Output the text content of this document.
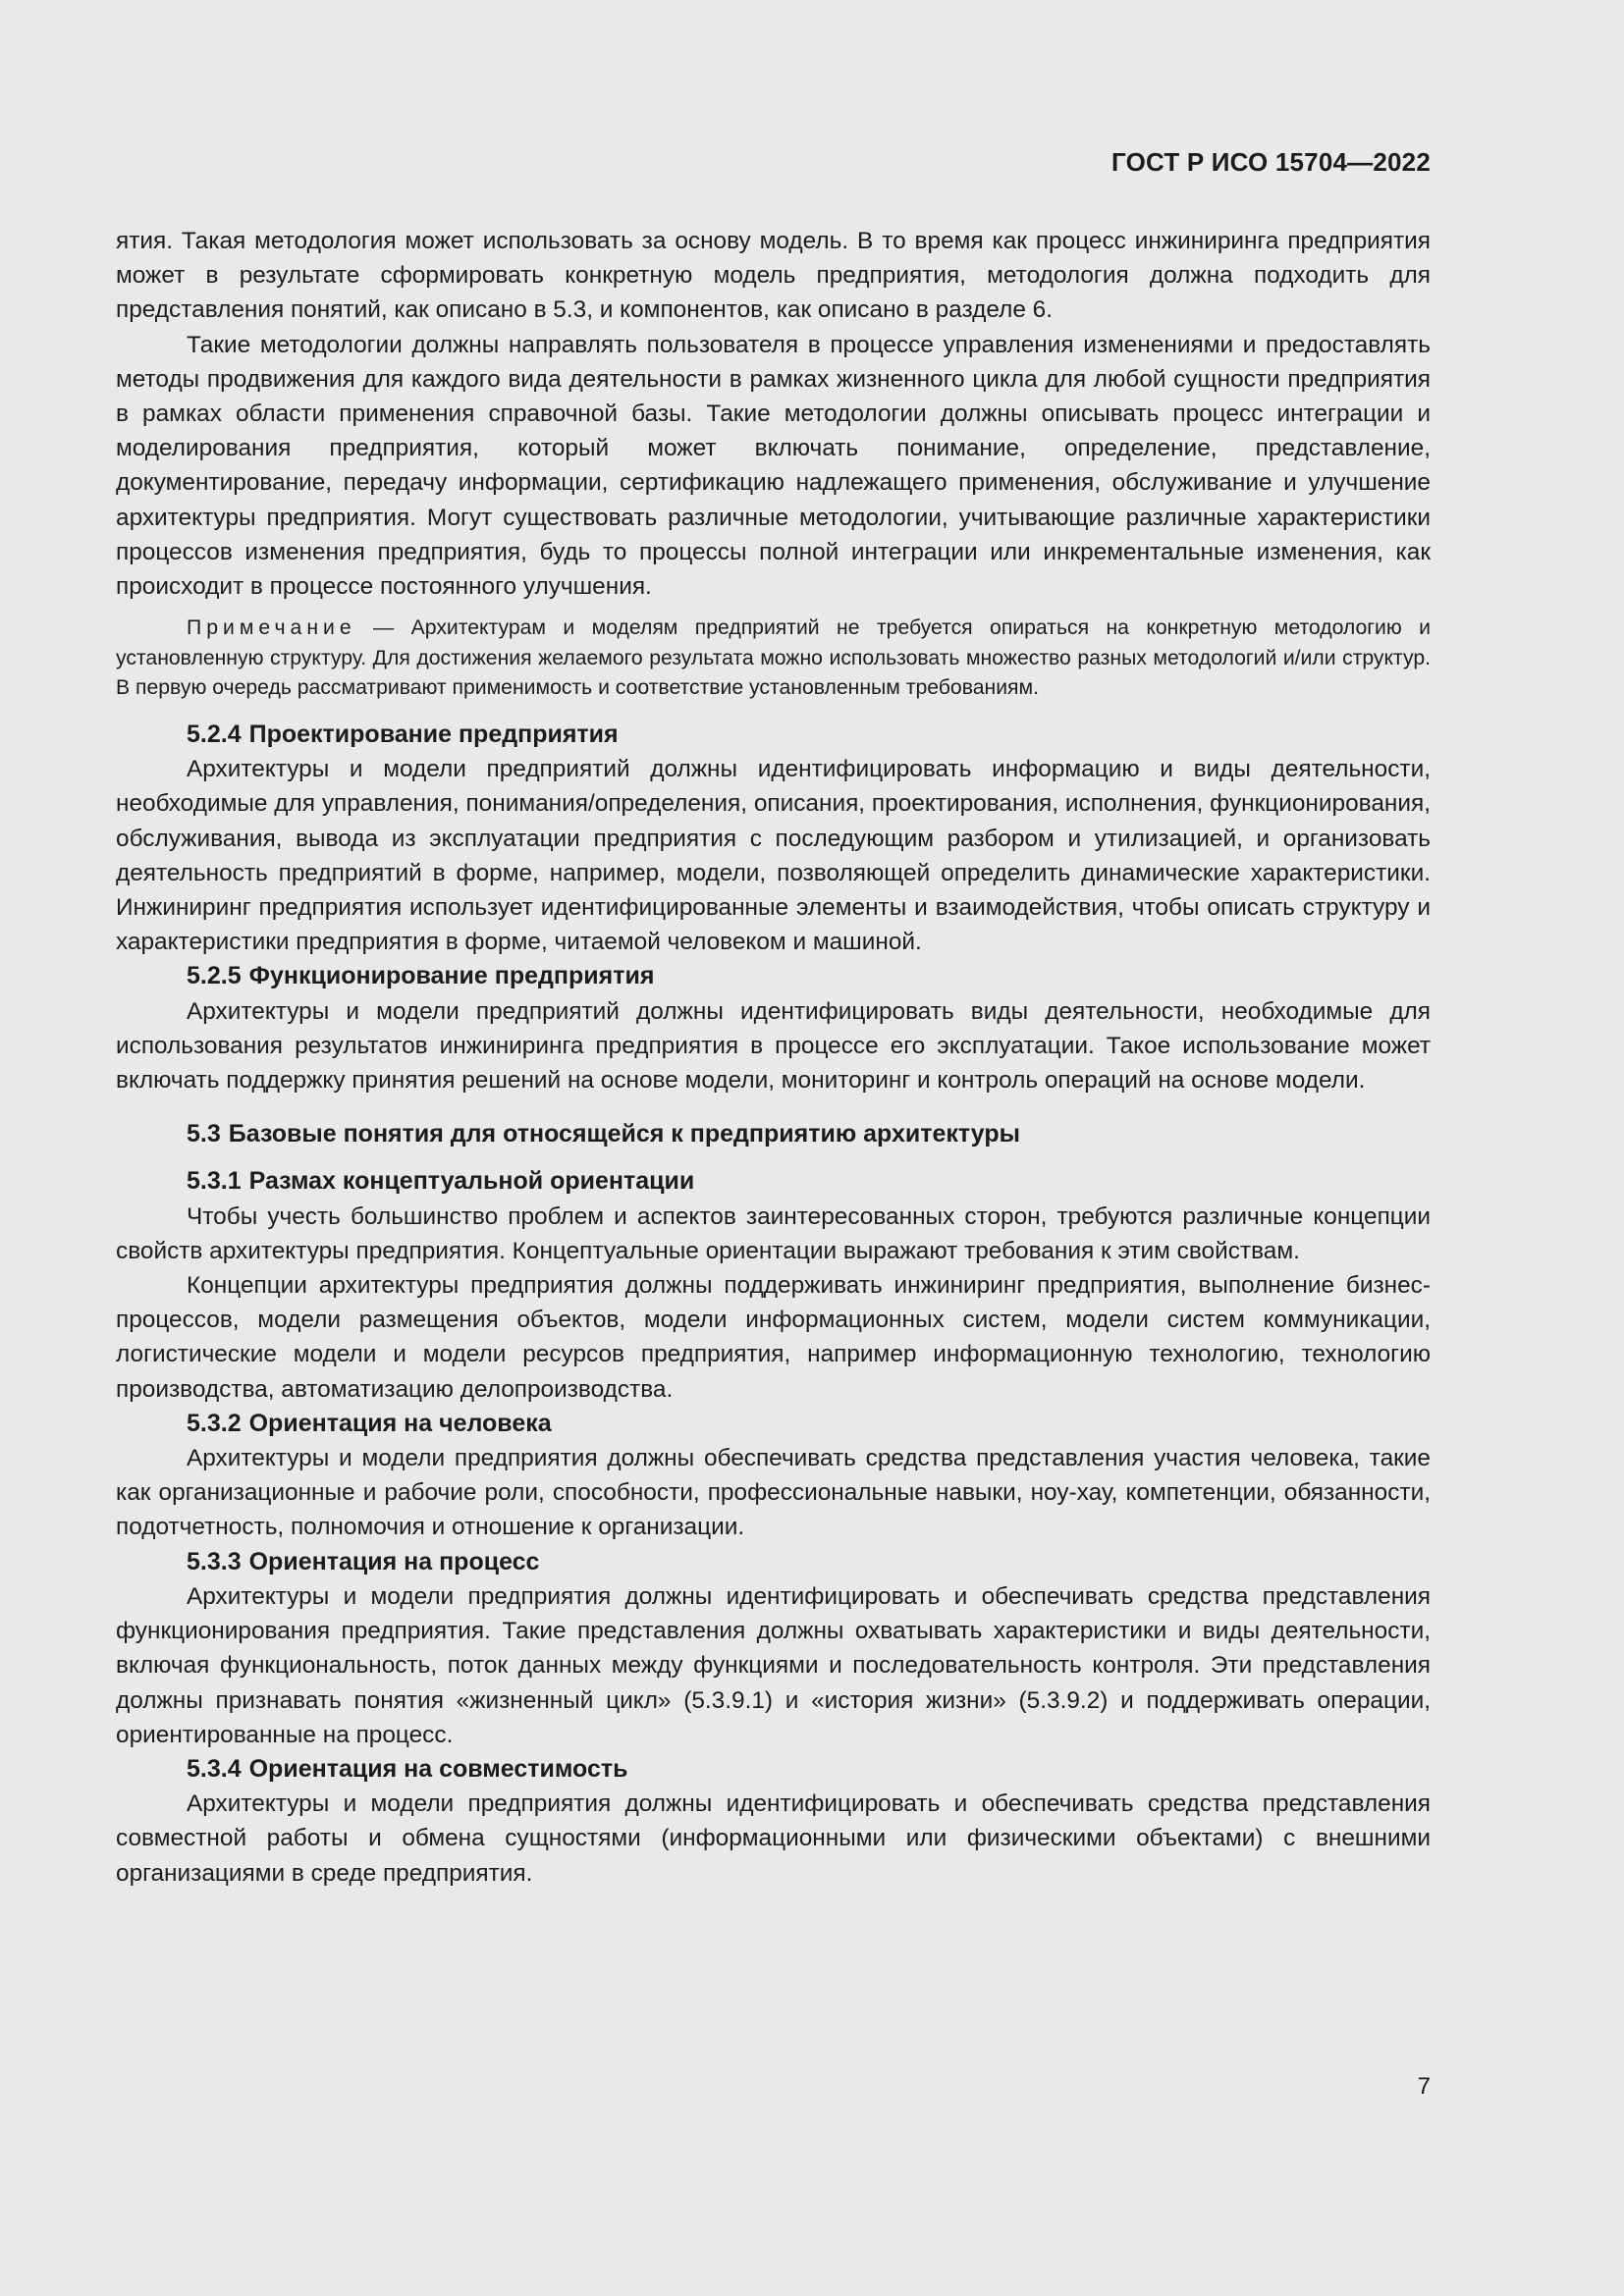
ГОСТ Р ИСО 15704—2022

ятия. Такая методология может использовать за основу модель. В то время как процесс инжиниринга предприятия может в результате сформировать конкретную модель предприятия, методология должна подходить для представления понятий, как описано в 5.3, и компонентов, как описано в разделе 6.

Такие методологии должны направлять пользователя в процессе управления изменениями и предоставлять методы продвижения для каждого вида деятельности в рамках жизненного цикла для любой сущности предприятия в рамках области применения справочной базы. Такие методологии должны описывать процесс интеграции и моделирования предприятия, который может включать понимание, определение, представление, документирование, передачу информации, сертификацию надлежащего применения, обслуживание и улучшение архитектуры предприятия. Могут существовать различные методологии, учитывающие различные характеристики процессов изменения предприятия, будь то процессы полной интеграции или инкрементальные изменения, как происходит в процессе постоянного улучшения.

Примечание — Архитектурам и моделям предприятий не требуется опираться на конкретную методологию и установленную структуру. Для достижения желаемого результата можно использовать множество разных методологий и/или структур. В первую очередь рассматривают применимость и соответствие установленным требованиям.
5.2.4 Проектирование предприятия

Архитектуры и модели предприятий должны идентифицировать информацию и виды деятельности, необходимые для управления, понимания/определения, описания, проектирования, исполнения, функционирования, обслуживания, вывода из эксплуатации предприятия с последующим разбором и утилизацией, и организовать деятельность предприятий в форме, например, модели, позволяющей определить динамические характеристики. Инжиниринг предприятия использует идентифицированные элементы и взаимодействия, чтобы описать структуру и характеристики предприятия в форме, читаемой человеком и машиной.

5.2.5 Функционирование предприятия

Архитектуры и модели предприятий должны идентифицировать виды деятельности, необходимые для использования результатов инжиниринга предприятия в процессе его эксплуатации. Такое использование может включать поддержку принятия решений на основе модели, мониторинг и контроль операций на основе модели.

5.3 Базовые понятия для относящейся к предприятию архитектуры
5.3.1 Размах концептуальной ориентации

Чтобы учесть большинство проблем и аспектов заинтересованных сторон, требуются различные концепции свойств архитектуры предприятия. Концептуальные ориентации выражают требования к этим свойствам.

Концепции архитектуры предприятия должны поддерживать инжиниринг предприятия, выполнение бизнес-процессов, модели размещения объектов, модели информационных систем, модели систем коммуникации, логистические модели и модели ресурсов предприятия, например информационную технологию, технологию производства, автоматизацию делопроизводства.

5.3.2 Ориентация на человека

Архитектуры и модели предприятия должны обеспечивать средства представления участия человека, такие как организационные и рабочие роли, способности, профессиональные навыки, ноу-хау, компетенции, обязанности, подотчетность, полномочия и отношение к организации.

5.3.3 Ориентация на процесс

Архитектуры и модели предприятия должны идентифицировать и обеспечивать средства представления функционирования предприятия. Такие представления должны охватывать характеристики и виды деятельности, включая функциональность, поток данных между функциями и последовательность контроля. Эти представления должны признавать понятия «жизненный цикл» (5.3.9.1) и «история жизни» (5.3.9.2) и поддерживать операции, ориентированные на процесс.

5.3.4 Ориентация на совместимость

Архитектуры и модели предприятия должны идентифицировать и обеспечивать средства представления совместной работы и обмена сущностями (информационными или физическими объектами) с внешними организациями в среде предприятия.

7
